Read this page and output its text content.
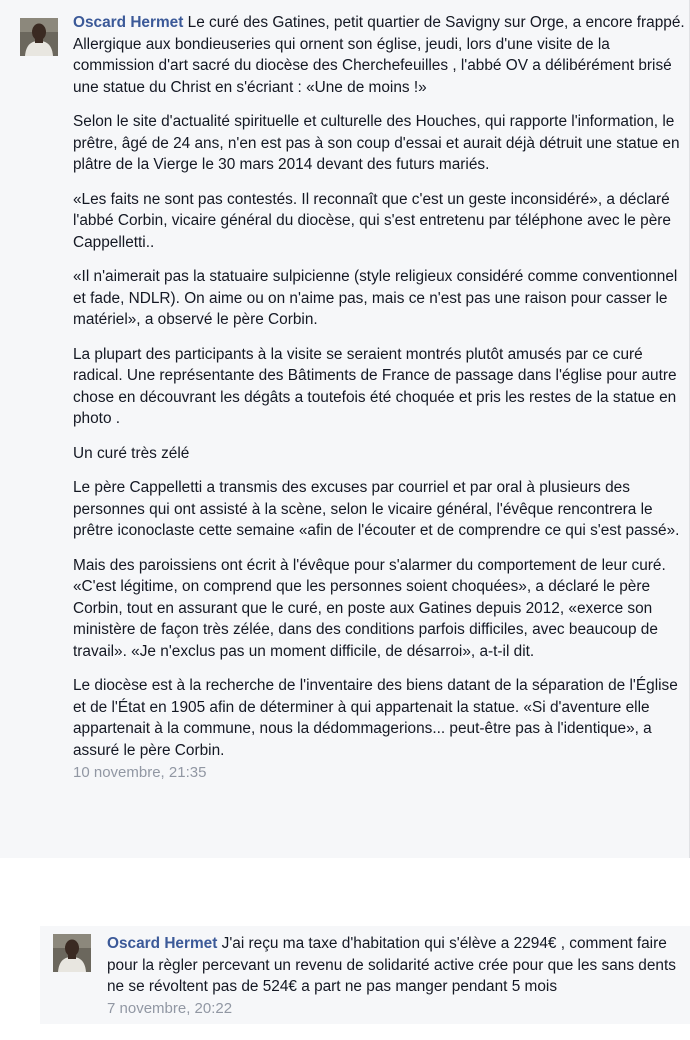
Oscard Hermet Le curé des Gatines, petit quartier de Savigny sur Orge, a encore frappé. Allergique aux bondieuseries qui ornent son église, jeudi, lors d'une visite de la commission d'art sacré du diocèse des Cherchefeuilles , l'abbé OV a délibérément brisé une statue du Christ en s'écriant : «Une de moins !»

Selon le site d'actualité spirituelle et culturelle des Houches, qui rapporte l'information, le prêtre, âgé de 24 ans, n'en est pas à son coup d'essai et aurait déjà détruit une statue en plâtre de la Vierge le 30 mars 2014 devant des futurs mariés.

«Les faits ne sont pas contestés. Il reconnaît que c'est un geste inconsidéré», a déclaré l'abbé Corbin, vicaire général du diocèse, qui s'est entretenu par téléphone avec le père Cappelletti..

«Il n'aimerait pas la statuaire sulpicienne (style religieux considéré comme conventionnel et fade, NDLR). On aime ou on n'aime pas, mais ce n'est pas une raison pour casser le matériel», a observé le père Corbin.

La plupart des participants à la visite se seraient montrés plutôt amusés par ce curé radical. Une représentante des Bâtiments de France de passage dans l'église pour autre chose en découvrant les dégâts a toutefois été choquée et pris les restes de la statue en photo .

Un curé très zélé

Le père Cappelletti a transmis des excuses par courriel et par oral à plusieurs des personnes qui ont assisté à la scène, selon le vicaire général, l'évêque rencontrera le prêtre iconoclaste cette semaine «afin de l'écouter et de comprendre ce qui s'est passé».

Mais des paroissiens ont écrit à l'évêque pour s'alarmer du comportement de leur curé. «C'est légitime, on comprend que les personnes soient choquées», a déclaré le père Corbin, tout en assurant que le curé, en poste aux Gatines depuis 2012, «exerce son ministère de façon très zélée, dans des conditions parfois difficiles, avec beaucoup de travail». «Je n'exclus pas un moment difficile, de désarroi», a-t-il dit.

Le diocèse est à la recherche de l'inventaire des biens datant de la séparation de l'Église et de l'État en 1905 afin de déterminer à qui appartenait la statue. «Si d'aventure elle appartenait à la commune, nous la dédommagerions... peut-être pas à l'identique», a assuré le père Corbin.

10 novembre, 21:35

Oscard Hermet J'ai reçu ma taxe d'habitation qui s'élève a 2294€ , comment faire pour la règler percevant un revenu de solidarité active crée pour que les sans dents ne se révoltent pas de 524€ a part ne pas manger pendant 5 mois

7 novembre, 20:22
